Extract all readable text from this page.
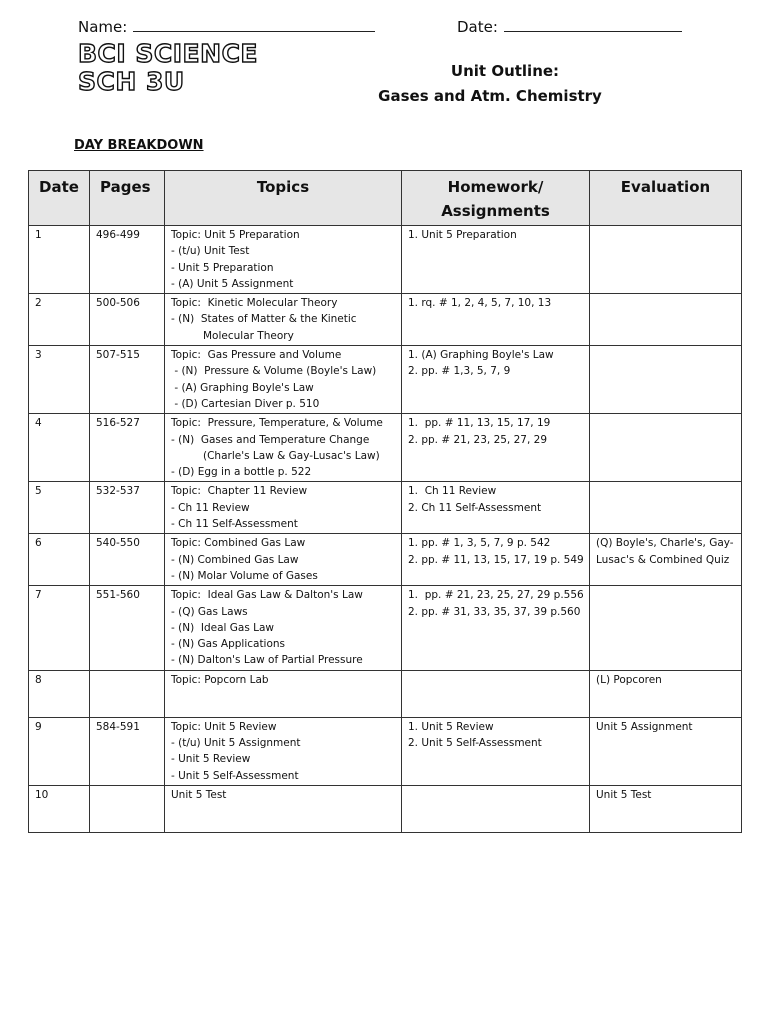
Name:	Date:
BCI SCIENCE
SCH 3U	Unit Outline:
Gases and Atm. Chemistry
DAY BREAKDOWN
Date	Pages	Topics	Homework/
Assignments	Evaluation
1	496-499	Topic: Unit 5 Preparation
- (t/u) Unit Test
- Unit 5 Preparation
- (A) Unit 5 Assignment	1. Unit 5 Preparation	

2	500-506	Topic:  Kinetic Molecular Theory
- (N)  States of Matter & the Kinetic
Molecular Theory	1. rq. # 1, 2, 4, 5, 7, 10, 13	

3	507-515	Topic:  Gas Pressure and Volume
- (N)  Pressure & Volume (Boyle's Law)
- (A) Graphing Boyle's Law
- (D) Cartesian Diver p. 510	1. (A) Graphing Boyle's Law
2. pp. # 1,3, 5, 7, 9	

4	516-527	Topic:  Pressure, Temperature, & Volume
- (N)  Gases and Temperature Change
(Charle's Law & Gay-Lusac's Law)
- (D) Egg in a bottle p. 522	1.  pp. # 11, 13, 15, 17, 19
2. pp. # 21, 23, 25, 27, 29	

5	532-537	Topic:  Chapter 11 Review
- Ch 11 Review
- Ch 11 Self-Assessment	1.  Ch 11 Review
2. Ch 11 Self-Assessment	

6	540-550	Topic: Combined Gas Law
- (N) Combined Gas Law
- (N) Molar Volume of Gases	1. pp. # 1, 3, 5, 7, 9 p. 542
2. pp. # 11, 13, 15, 17, 19 p. 549	(Q) Boyle's, Charle's, Gay-
Lusac's & Combined Quiz

7	551-560	Topic:  Ideal Gas Law & Dalton's Law
- (Q) Gas Laws
- (N)  Ideal Gas Law
- (N) Gas Applications
- (N) Dalton's Law of Partial Pressure	1.  pp. # 21, 23, 25, 27, 29 p.556
2. pp. # 31, 33, 35, 37, 39 p.560	

8		Topic: Popcorn Lab		(L) Popcoren

9	584-591	Topic: Unit 5 Review
- (t/u) Unit 5 Assignment
- Unit 5 Review
- Unit 5 Self-Assessment	1. Unit 5 Review
2. Unit 5 Self-Assessment	Unit 5 Assignment

10		Unit 5 Test		Unit 5 Test
